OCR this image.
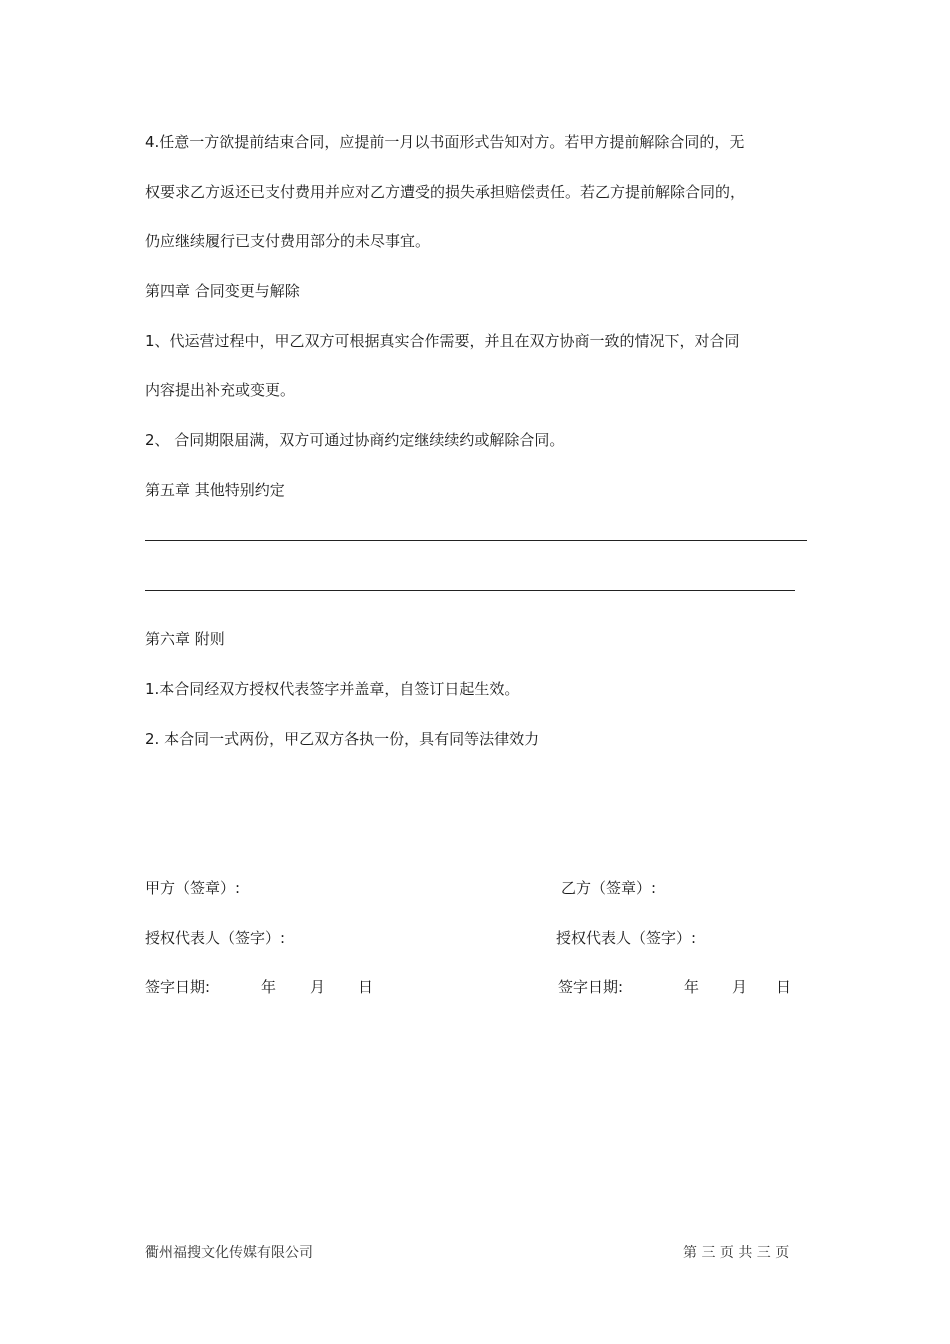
4.任意一方欲提前结束合同，应提前一月以书面形式告知对方。若甲方提前解除合同的，无
权要求乙方返还已支付费用并应对乙方遭受的损失承担赔偿责任。若乙方提前解除合同的，
仍应继续履行已支付费用部分的未尽事宜。
第四章 合同变更与解除
1、代运营过程中，甲乙双方可根据真实合作需要，并且在双方协商一致的情况下，对合同
内容提出补充或变更。
2、 合同期限届满，双方可通过协商约定继续续约或解除合同。
第五章 其他特别约定
第六章 附则
1.本合同经双方授权代表签字并盖章，自签订日起生效。
2. 本合同一式两份，甲乙双方各执一份，具有同等法律效力
甲方（签章）:	乙方（签章）:
授权代表人（签字）:	授权代表人（签字）:
签字日期:	年 月 日	签字日期:	年 月 日
衢州福搜文化传媒有限公司	第 三 页 共 三 页
